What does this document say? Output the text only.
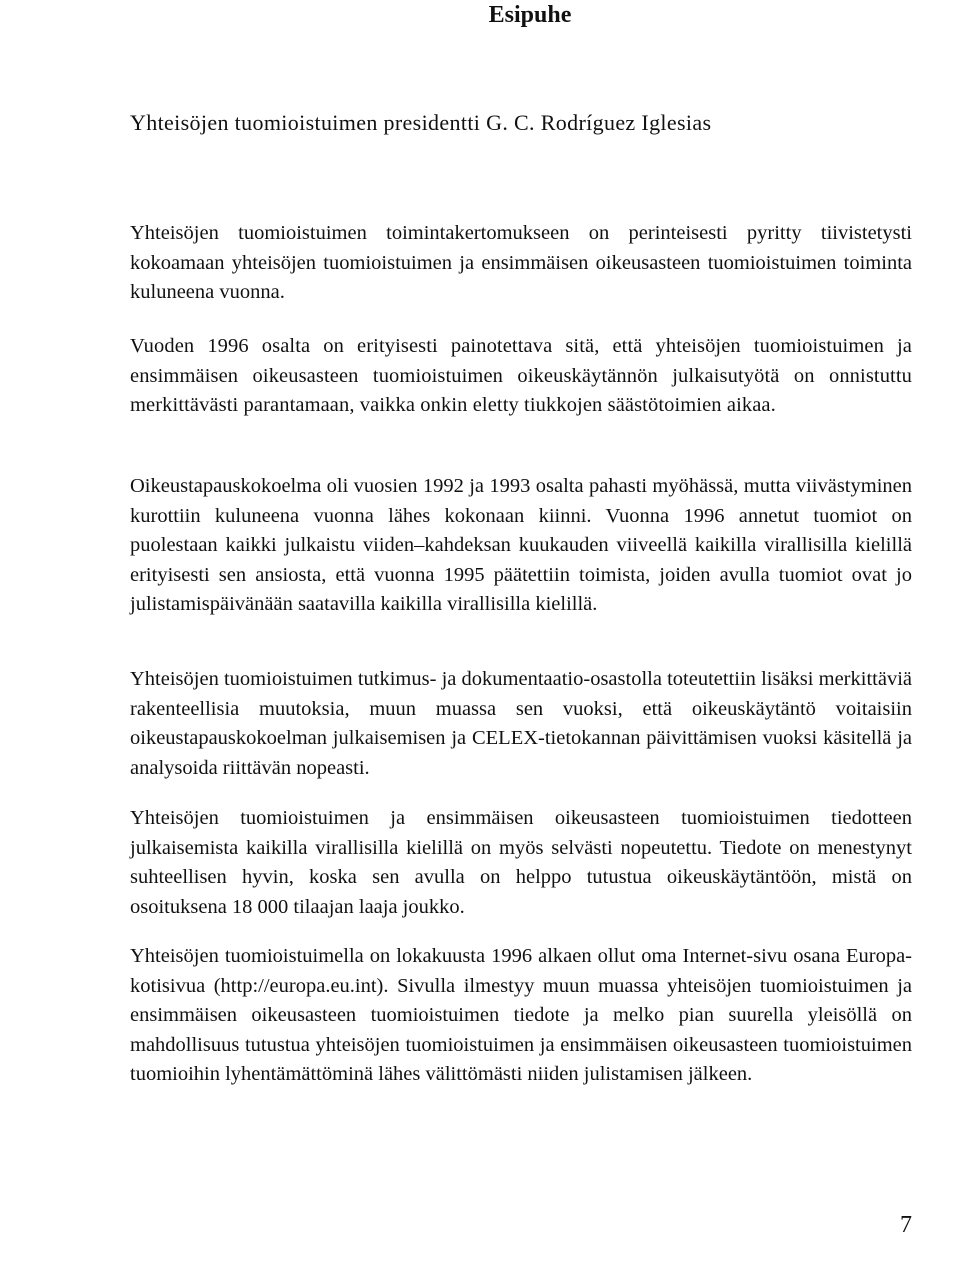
Esipuhe
Yhteisöjen tuomioistuimen presidentti G. C. Rodríguez Iglesias

Yhteisöjen tuomioistuimen toimintakertomukseen on perinteisesti pyritty tiivistetysti kokoamaan yhteisöjen tuomioistuimen ja ensimmäisen oikeusasteen tuomioistuimen toiminta kuluneena vuonna.

Vuoden 1996 osalta on erityisesti painotettava sitä, että yhteisöjen tuomioistuimen ja ensimmäisen oikeusasteen tuomioistuimen oikeuskäytännön julkaisutyötä on onnistuttu merkittävästi parantamaan, vaikka onkin eletty tiukkojen säästötoimien aikaa.

Oikeustapauskokoelma oli vuosien 1992 ja 1993 osalta pahasti myöhässä, mutta viivästyminen kurottiin kuluneena vuonna lähes kokonaan kiinni. Vuonna 1996 annetut tuomiot on puolestaan kaikki julkaistu viiden–kahdeksan kuukauden viiveellä kaikilla virallisilla kielillä erityisesti sen ansiosta, että vuonna 1995 päätettiin toimista, joiden avulla tuomiot ovat jo julistamispäivänään saatavilla kaikilla virallisilla kielillä.

Yhteisöjen tuomioistuimen tutkimus- ja dokumentaatio-osastolla toteutettiin lisäksi merkittäviä rakenteellisia muutoksia, muun muassa sen vuoksi, että oikeuskäytäntö voitaisiin oikeustapauskokoelman julkaisemisen ja CELEX-tietokannan päivittämisen vuoksi käsitellä ja analysoida riittävän nopeasti.

Yhteisöjen tuomioistuimen ja ensimmäisen oikeusasteen tuomioistuimen tiedotteen julkaisemista kaikilla virallisilla kielillä on myös selvästi nopeutettu. Tiedote on menestynyt suhteellisen hyvin, koska sen avulla on helppo tutustua oikeuskäytäntöön, mistä on osoituksena 18 000 tilaajan laaja joukko.

Yhteisöjen tuomioistuimella on lokakuusta 1996 alkaen ollut oma Internet-sivu osana Europa-kotisivua (http://europa.eu.int). Sivulla ilmestyy muun muassa yhteisöjen tuomioistuimen ja ensimmäisen oikeusasteen tuomioistuimen tiedote ja melko pian suurella yleisöllä on mahdollisuus tutustua yhteisöjen tuomioistuimen ja ensimmäisen oikeusasteen tuomioistuimen tuomioihin lyhentämättöminä lähes välittömästi niiden julistamisen jälkeen.

7
